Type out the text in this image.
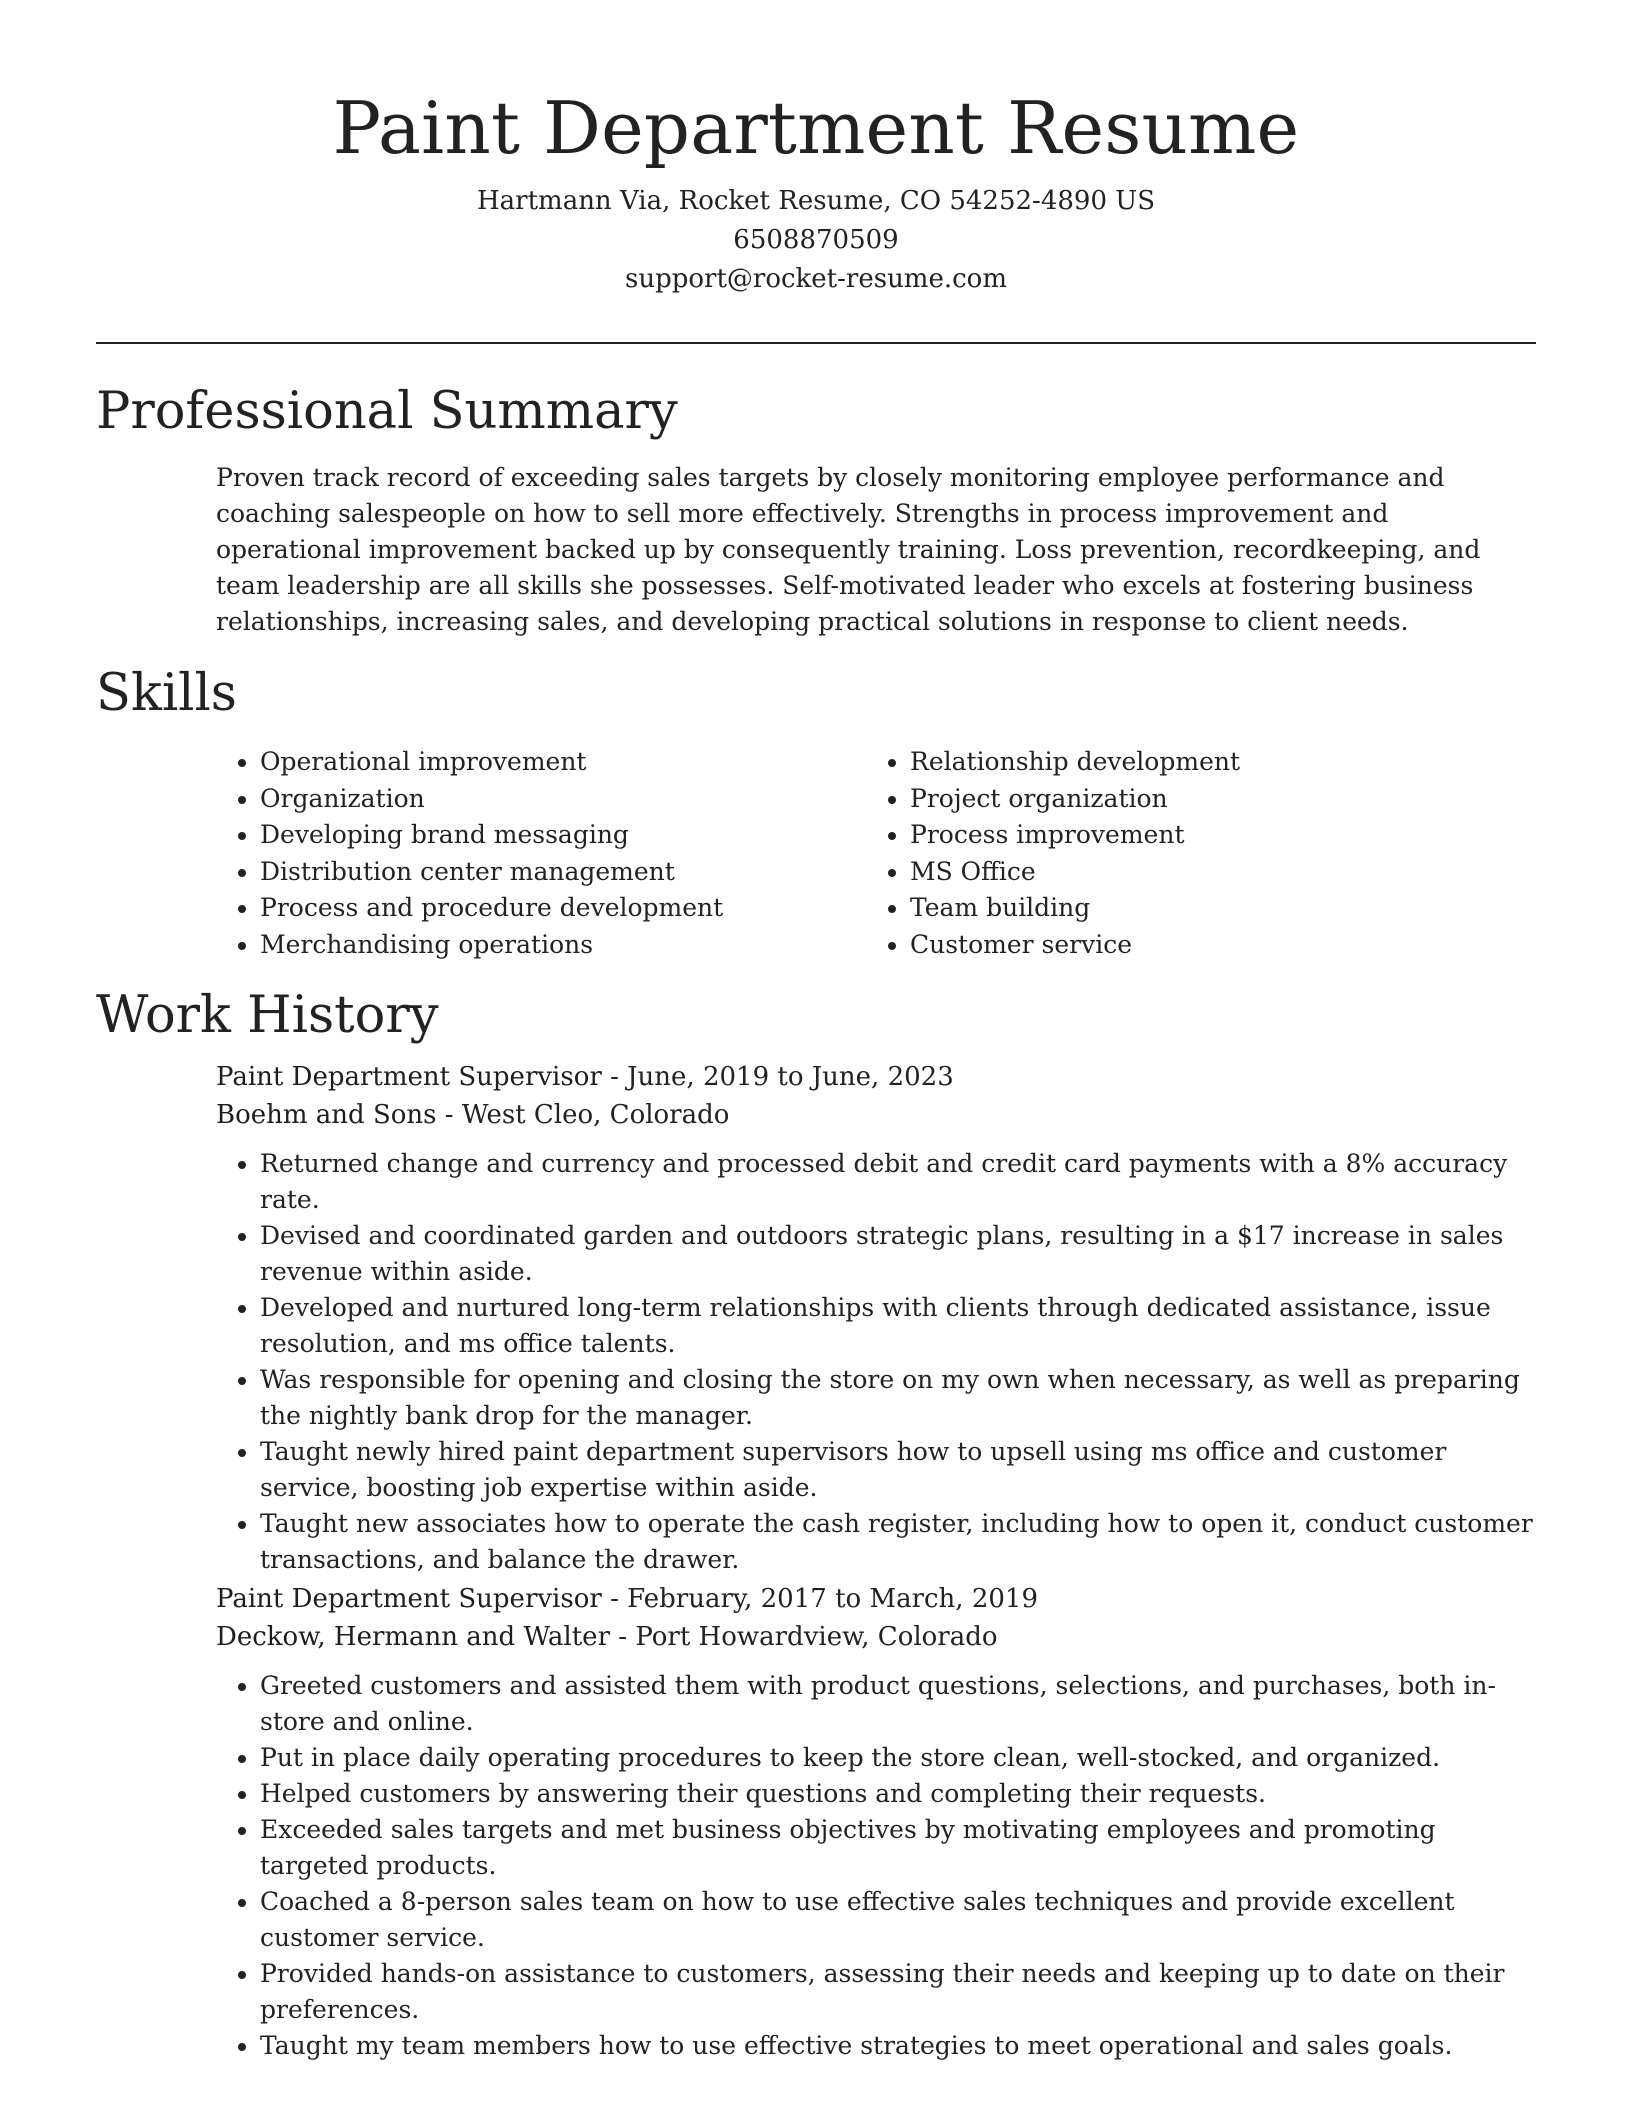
Paint Department Resume
Hartmann Via, Rocket Resume, CO 54252-4890 US
6508870509
support@rocket-resume.com
Professional Summary
Proven track record of exceeding sales targets by closely monitoring employee performance and coaching salespeople on how to sell more effectively. Strengths in process improvement and operational improvement backed up by consequently training. Loss prevention, recordkeeping, and team leadership are all skills she possesses. Self-motivated leader who excels at fostering business relationships, increasing sales, and developing practical solutions in response to client needs.
Skills
• Operational improvement
• Organization
• Developing brand messaging
• Distribution center management
• Process and procedure development
• Merchandising operations
• Relationship development
• Project organization
• Process improvement
• MS Office
• Team building
• Customer service
Work History
Paint Department Supervisor - June, 2019 to June, 2023
Boehm and Sons - West Cleo, Colorado
• Returned change and currency and processed debit and credit card payments with a 8% accuracy rate.
• Devised and coordinated garden and outdoors strategic plans, resulting in a $17 increase in sales revenue within aside.
• Developed and nurtured long-term relationships with clients through dedicated assistance, issue resolution, and ms office talents.
• Was responsible for opening and closing the store on my own when necessary, as well as preparing the nightly bank drop for the manager.
• Taught newly hired paint department supervisors how to upsell using ms office and customer service, boosting job expertise within aside.
• Taught new associates how to operate the cash register, including how to open it, conduct customer transactions, and balance the drawer.
Paint Department Supervisor - February, 2017 to March, 2019
Deckow, Hermann and Walter - Port Howardview, Colorado
• Greeted customers and assisted them with product questions, selections, and purchases, both in-store and online.
• Put in place daily operating procedures to keep the store clean, well-stocked, and organized.
• Helped customers by answering their questions and completing their requests.
• Exceeded sales targets and met business objectives by motivating employees and promoting targeted products.
• Coached a 8-person sales team on how to use effective sales techniques and provide excellent customer service.
• Provided hands-on assistance to customers, assessing their needs and keeping up to date on their preferences.
• Taught my team members how to use effective strategies to meet operational and sales goals.
